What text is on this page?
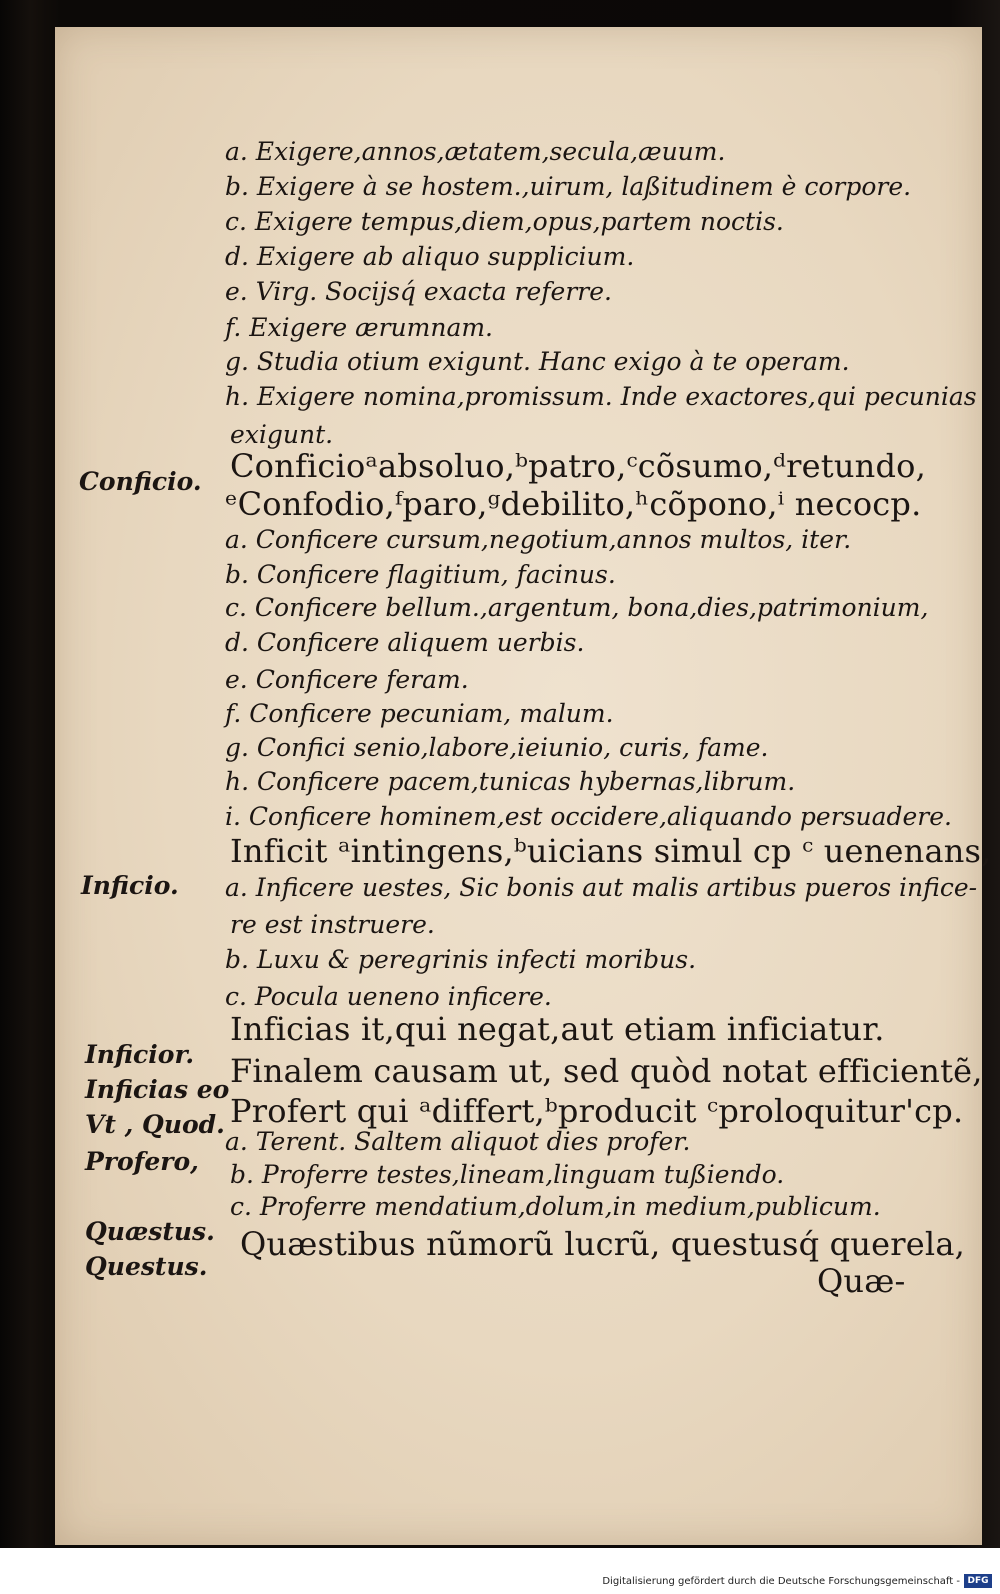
a. Exigere,annos,ætatem,secula,æuum.
b. Exigere à se hostem.,uirum, laßitudinem è corpore.
c. Exigere tempus,diem,opus,partem noctis.
d. Exigere ab aliquo supplicium.
e. Virg. Socijsq́ exacta referre.
f. Exigere ærumnam.
g. Studia otium exigunt. Hanc exigo à te operam.
h. Exigere nomina,promissum. Inde exactores,qui pecunias
exigunt.
Conficioᵃabsoluo,ᵇpatro,ᶜcõsumo,ᵈretundo,
ᵉConfodio,ᶠparo,ᵍdebilito,ʰcõpono,ⁱ necocp.
a. Conficere cursum,negotium,annos multos, iter.
b. Conficere flagitium, facinus.
c. Conficere bellum.,argentum, bona,dies,patrimonium,
d. Conficere aliquem uerbis.
e. Conficere feram.
f. Conficere pecuniam, malum.
g. Confici senio,labore,ieiunio, curis, fame.
h. Conficere pacem,tunicas hybernas,librum.
i. Conficere hominem,est occidere,aliquando persuadere.
Inficit ᵃintingens,ᵇuicians simul cp ᶜ uenenans,
a. Inficere uestes, Sic bonis aut malis artibus pueros infice-
re est instruere.
b. Luxu & peregrinis infecti moribus.
c. Pocula ueneno inficere.
Inficias it,qui negat,aut etiam inficiatur.
Finalem causam ut, sed quòd notat efficientẽ,
Profert qui ᵃdiffert,ᵇproducit ᶜproloquitur'cp.
a. Terent. Saltem aliquot dies profer.
b. Proferre testes,lineam,linguam tußiendo.
c. Proferre mendatium,dolum,in medium,publicum.
Quæstibus nũmorũ lucrũ, questusq́ querela,
Quæ-
Conficio.
Inficio.
Inficior.
Inficias eo
Vt , Quod.
Profero,
Quæstus.
Questus.
Digitalisierung gefördert durch die Deutsche Forschungsgemeinschaft - DFG
